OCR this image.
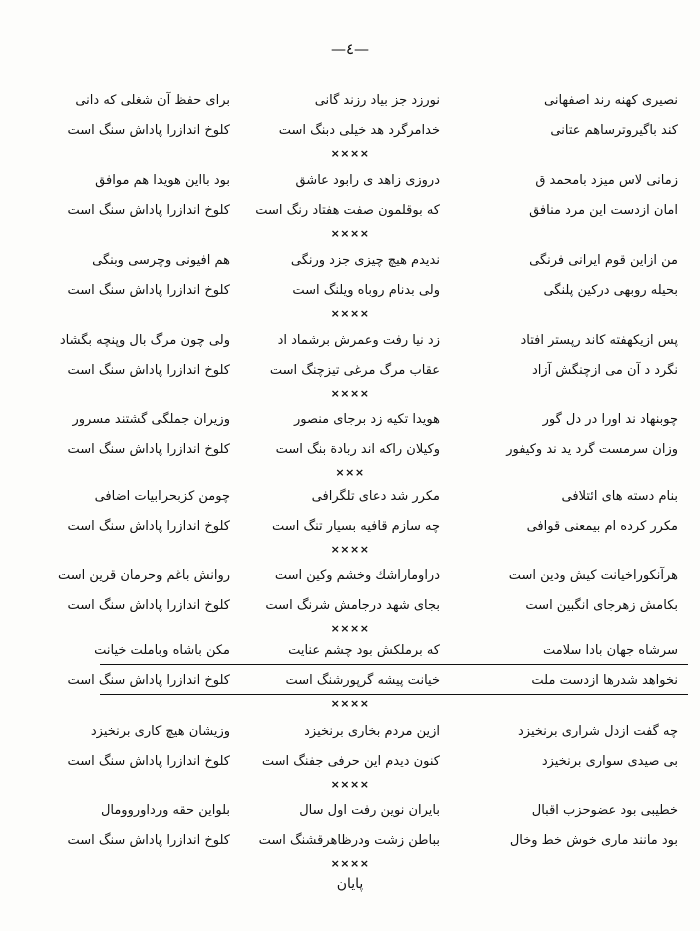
—٤—
نصیری کهنه رند اصفهانی
نورزد جز بیاد رزند گانی
برای حفظ آن شغلی که دانی
کند باگیروترساهم عتانی
خدامرگرد هد خیلی دبنگ است
کلوخ اندازرا پاداش سنگ است
××××
زمانی لاس میزد بامحمد ق
دروزی زاهد ی رابود عاشق
بود بااین هویدا هم موافق
امان ازدست این مرد منافق
که بوقلمون صفت هفتاد رنگ است
کلوخ اندازرا پاداش سنگ است
××××
من ازاین قوم ایرانی فرنگی
ندیدم هیچ چیزی جزد ورنگی
هم افیونی وچرسی وبنگی
بحیله روبهی درکین پلنگی
ولی بدنام روباه ویلنگ است
کلوخ اندازرا پاداش سنگ است
××××
پس ازیکهفته کاند رپستر افتاد
زد نیا رفت وعمرش برشماد اد
ولی چون مرگ بال وپنچه بگشاد
نگرد د آن می ازچنگش آزاد
عقاب مرگ مرغی تیزچنگ است
کلوخ اندازرا پاداش سنگ است
××××
چوبنهاد ند اورا در دل گور
هویدا تکیه زد برجای منصور
وزیران جملگی گشتند مسرور
وزان سرمست گرد ید ند وکیفور
وکیلان راکه اند ربادة بنگ است
کلوخ اندازرا پاداش سنگ است
×××
بنام دسته های ائتلافی
مکرر شد دعای تلگرافی
چومن کزبحرابیات اضافی
مکرر کرده ام بیمعنی قوافی
چه سازم قافیه بسیار تنگ است
کلوخ اندازرا پاداش سنگ است
××××
هرآنکوراخیانت کیش ودین است
دراوماراشك وخشم وکین است
روانش باغم وحرمان قرین است
بکامش زهرجای انگبین است
بجای شهد درجامش شرنگ است
کلوخ اندازرا پاداش سنگ است
××××
سرشاه جهان بادا سلامت
که برملکش بود چشم عنایت
مکن باشاه وباملت خیانت
نخواهد شدرها ازدست ملت
خیانت پیشه گرپورشنگ است
کلوخ اندازرا پاداش سنگ است
××××
چه گفت ازدل شراری برنخیزد
ازین مردم بخاری برنخیزد
وزیشان هیچ کاری برنخیزد
بی صیدی سواری برنخیزد
کنون دیدم این حرفی جفنگ است
کلوخ اندازرا پاداش سنگ است
××××
خطیبی بود عضوحزب اقبال
بایران نوین رفت اول سال
بلواین حقه ورداوروومال
بود مانند ماری خوش خط وخال
بباطن زشت ودرظاهرقشنگ است
کلوخ اندازرا پاداش سنگ است
××××
پایان
